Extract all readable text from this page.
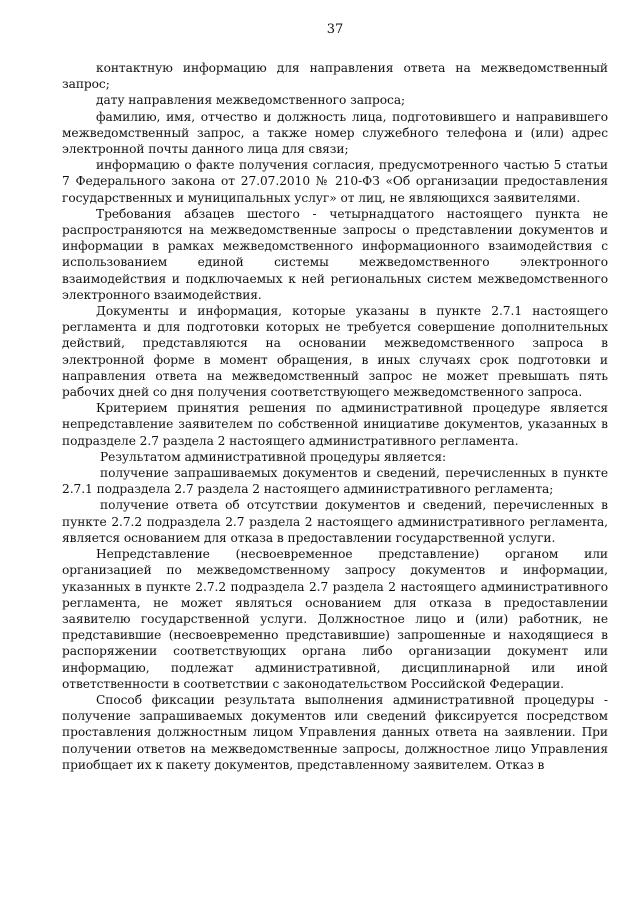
37

контактную информацию для направления ответа на межведомственный запрос;

дату направления межведомственного запроса;

фамилию, имя, отчество и должность лица, подготовившего и направившего межведомственный запрос, а также номер служебного телефона и (или) адрес электронной почты данного лица для связи;

информацию о факте получения согласия, предусмотренного частью 5 статьи 7 Федерального закона от 27.07.2010 № 210-ФЗ «Об организации предоставления государственных и муниципальных услуг» от лиц, не являющихся заявителями.

Требования абзацев шестого - четырнадцатого настоящего пункта не распространяются на межведомственные запросы о представлении документов и информации в рамках межведомственного информационного взаимодействия с использованием единой системы межведомственного электронного взаимодействия и подключаемых к ней региональных систем межведомственного электронного взаимодействия.

Документы и информация, которые указаны в пункте 2.7.1 настоящего регламента и для подготовки которых не требуется совершение дополнительных действий, представляются на основании межведомственного запроса в электронной форме в момент обращения, в иных случаях срок подготовки и направления ответа на межведомственный запрос не может превышать пять рабочих дней со дня получения соответствующего межведомственного запроса.

Критерием принятия решения по административной процедуре является непредставление заявителем по собственной инициативе документов, указанных в подразделе 2.7 раздела 2 настоящего административного регламента.

Результатом административной процедуры является:

получение запрашиваемых документов и сведений, перечисленных в пункте 2.7.1 подраздела 2.7 раздела 2 настоящего административного регламента;

получение ответа об отсутствии документов и сведений, перечисленных в пункте 2.7.2 подраздела 2.7 раздела 2 настоящего административного регламента, является основанием для отказа в предоставлении государственной услуги.

Непредставление (несвоевременное представление) органом или организацией по межведомственному запросу документов и информации, указанных в пункте 2.7.2 подраздела 2.7 раздела 2 настоящего административного регламента, не может являться основанием для отказа в предоставлении заявителю государственной услуги. Должностное лицо и (или) работник, не представившие (несвоевременно представившие) запрошенные и находящиеся в распоряжении соответствующих органа либо организации документ или информацию, подлежат административной, дисциплинарной или иной ответственности в соответствии с законодательством Российской Федерации.

Способ фиксации результата выполнения административной процедуры - получение запрашиваемых документов или сведений фиксируется посредством проставления должностным лицом Управления данных ответа на заявлении. При получении ответов на межведомственные запросы, должностное лицо Управления приобщает их к пакету документов, представленному заявителем. Отказ в
